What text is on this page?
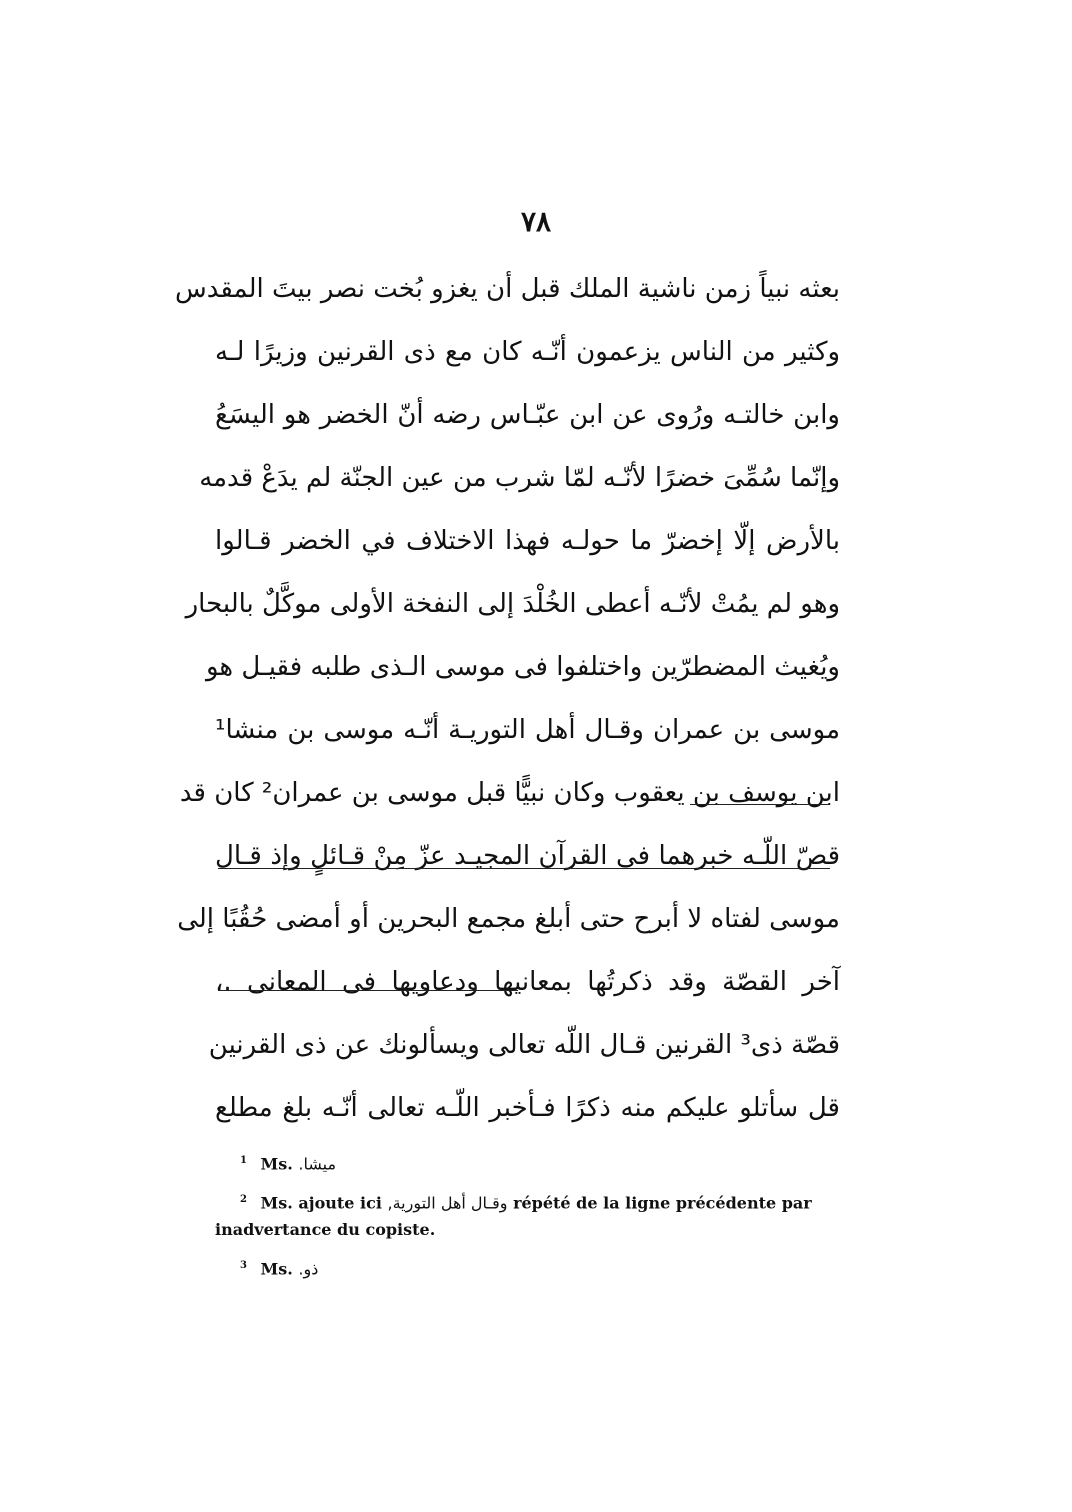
٧٨
بعثه نبياً زمن ناشية الملك قبل أن يغزو بُخت نصر بيتَ المقدس
وكثير من الناس يزعمون أنّـه كان مع ذى القرنين وزيرًا لـه
وابن خالتـه ورُوى عن ابن عبّـاس رضه أنّ الخضر هو اليسَعُ
وإنّما سُمِّىَ خضرًا لأنّـه لمّا شرب من عين الجنّة لم يدَعْ قدمه
بالأرض إلّا إخضرّ ما حولـه فهذا الاختلاف في الخضر قـالوا
وهو لم يمُتْ لأنّـه أعطى الخُلْدَ إلى النفخة الأولى موكَّلٌ بالبحار
ويُغيث المضطرّين واختلفوا فى موسى الـذى طلبه فقيـل هو
موسى بن عمران وقـال أهل التوريـة أنّـه موسى بن منشا¹
ابن يوسف بن يعقوب وكان نبيًّا قبل موسى بن عمران² كان قد
قصّ اللّـه خبرهما فى القرآن المجيـد عزّ مِنْ قـائلٍ وإذ قـال
موسى لفتاه لا أبرح حتى أبلغ مجمع البحرين أو أمضى حُقُبًا إلى
آخر القصّة وقد ذكرتُها بمعانيها ودعاويها فى المعانى .،
قصّة ذى³ القرنين قـال اللّه تعالى ويسألونك عن ذى القرنين
قل سأتلو عليكم منه ذكرًا فـأخبر اللّـه تعالى أنّـه بلغ مطلع
$^1$ Ms. ميشا.
$^2$ Ms. ajoute ici وقـال أهل التورية, répété de la ligne précédente par inadvertance du copiste.
$^3$ Ms. ذو.
